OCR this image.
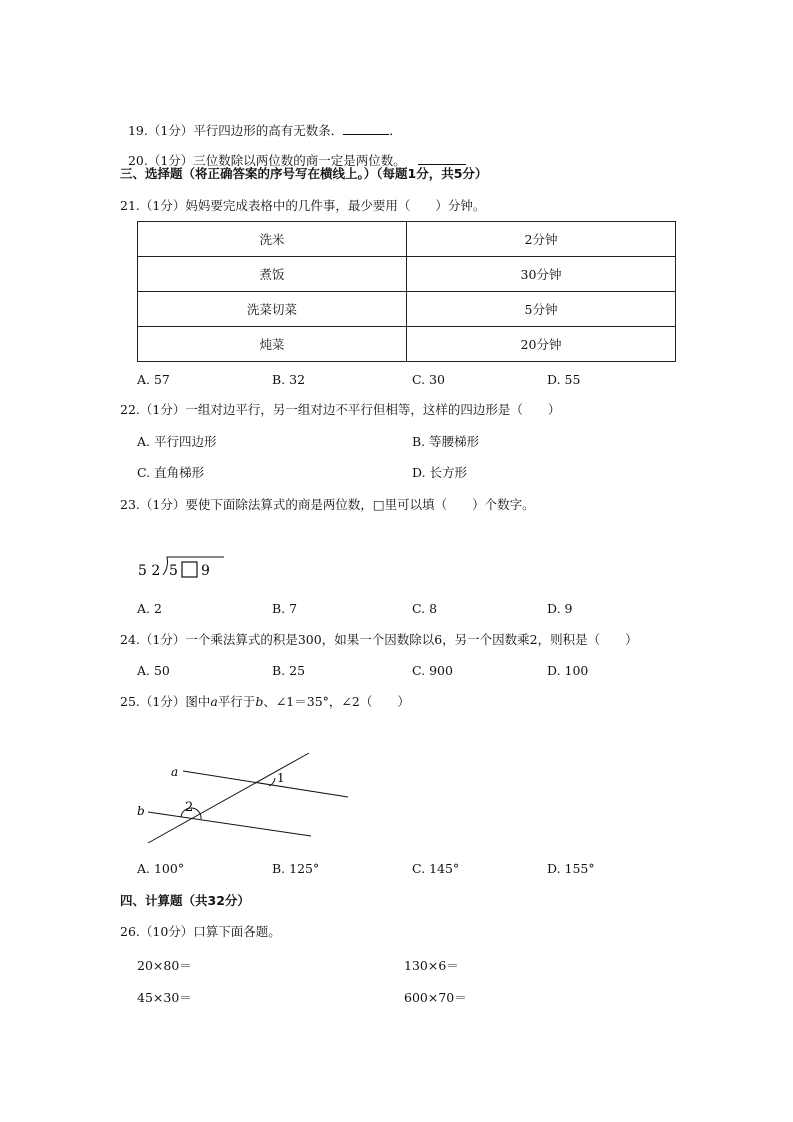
19.（1分）平行四边形的高有无数条．	．

20.（1分）三位数除以两位数的商一定是两位数。

三、选择题（将正确答案的序号写在横线上。）（每题1分，共5分）
21.（1分）妈妈要完成表格中的几件事，最少要用（　　）分钟。
洗米	2分钟
煮饭	30分钟
洗菜切菜	5分钟
炖菜	20分钟
A. 57	B. 32	C. 30	D. 55
22.（1分）一组对边平行，另一组对边不平行但相等，这样的四边形是（　　）
A. 平行四边形	B. 等腰梯形
C. 直角梯形	D. 长方形
23.（1分）要使下面除法算式的商是两位数，□里可以填（　　）个数字。
5 2 5 9
A. 2	B. 7	C. 8	D. 9
24.（1分）一个乘法算式的积是300，如果一个因数除以6，另一个因数乘2，则积是（　　）
A. 50	B. 25	C. 900	D. 100
25.（1分）图中a平行于b、∠1＝35°，∠2（　　）
a
b
1
2
A. 100°	B. 125°	C. 145°	D. 155°
四、计算题（共32分）
26.（10分）口算下面各题。
20×80＝	130×6＝
45×30＝	600×70＝
